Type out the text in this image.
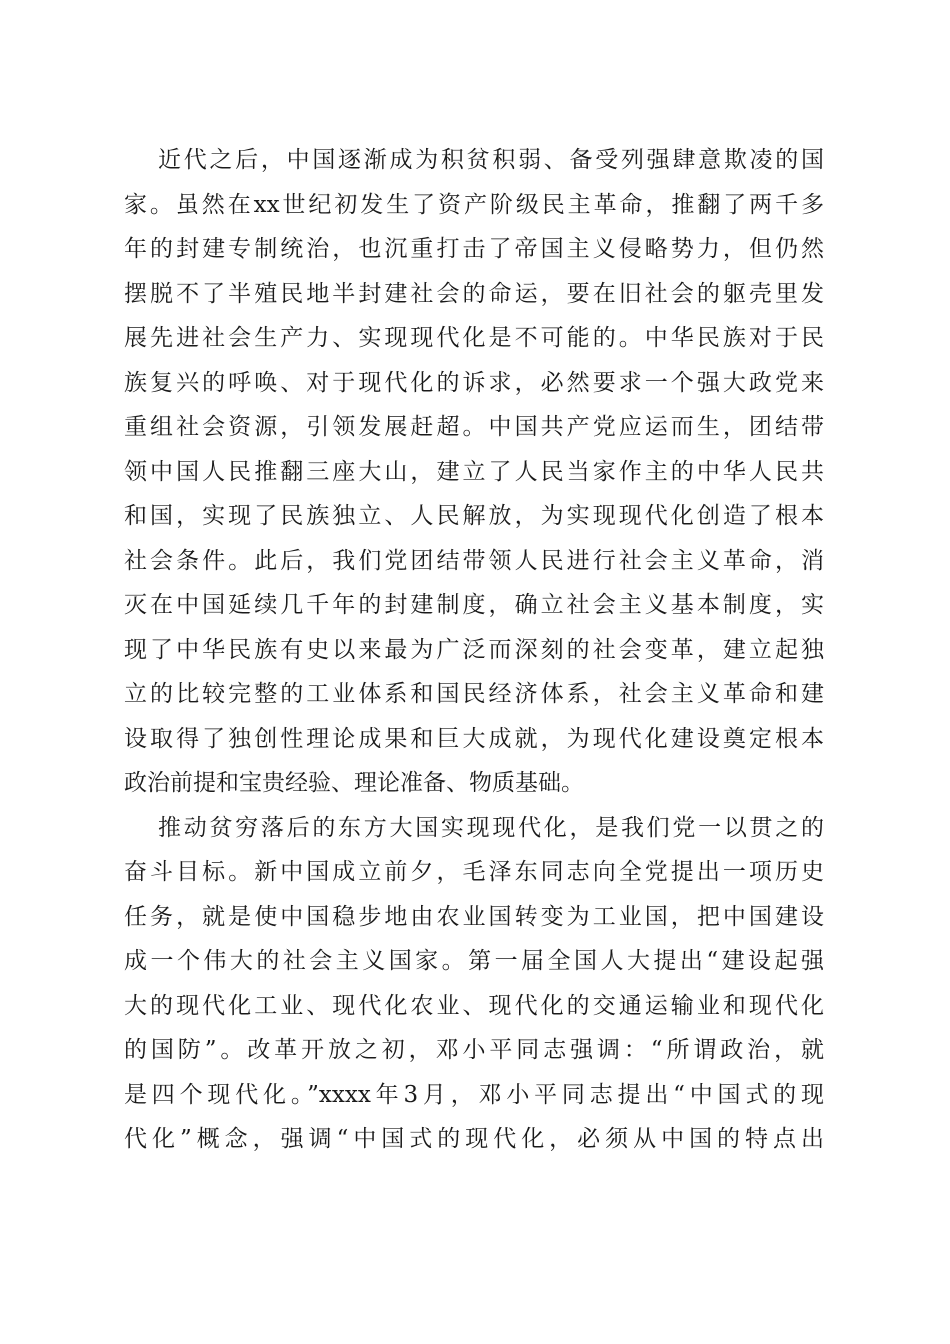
近代之后，中国逐渐成为积贫积弱、备受列强肆意欺凌的国
家。虽然在xx世纪初发生了资产阶级民主革命，推翻了两千多
年的封建专制统治，也沉重打击了帝国主义侵略势力，但仍然
摆脱不了半殖民地半封建社会的命运，要在旧社会的躯壳里发
展先进社会生产力、实现现代化是不可能的。中华民族对于民
族复兴的呼唤、对于现代化的诉求，必然要求一个强大政党来
重组社会资源，引领发展赶超。中国共产党应运而生，团结带
领中国人民推翻三座大山，建立了人民当家作主的中华人民共
和国，实现了民族独立、人民解放，为实现现代化创造了根本
社会条件。此后，我们党团结带领人民进行社会主义革命，消
灭在中国延续几千年的封建制度，确立社会主义基本制度，实
现了中华民族有史以来最为广泛而深刻的社会变革，建立起独
立的比较完整的工业体系和国民经济体系，社会主义革命和建
设取得了独创性理论成果和巨大成就，为现代化建设奠定根本
政治前提和宝贵经验、理论准备、物质基础。
推动贫穷落后的东方大国实现现代化，是我们党一以贯之的
奋斗目标。新中国成立前夕，毛泽东同志向全党提出一项历史
任务，就是使中国稳步地由农业国转变为工业国，把中国建设
成一个伟大的社会主义国家。第一届全国人大提出“建设起强
大的现代化工业、现代化农业、现代化的交通运输业和现代化
的国防”。改革开放之初，邓小平同志强调：“所谓政治，就
是四个现代化。”xxxx年3月，邓小平同志提出“中国式的现
代化”概念，强调“中国式的现代化，必须从中国的特点出
